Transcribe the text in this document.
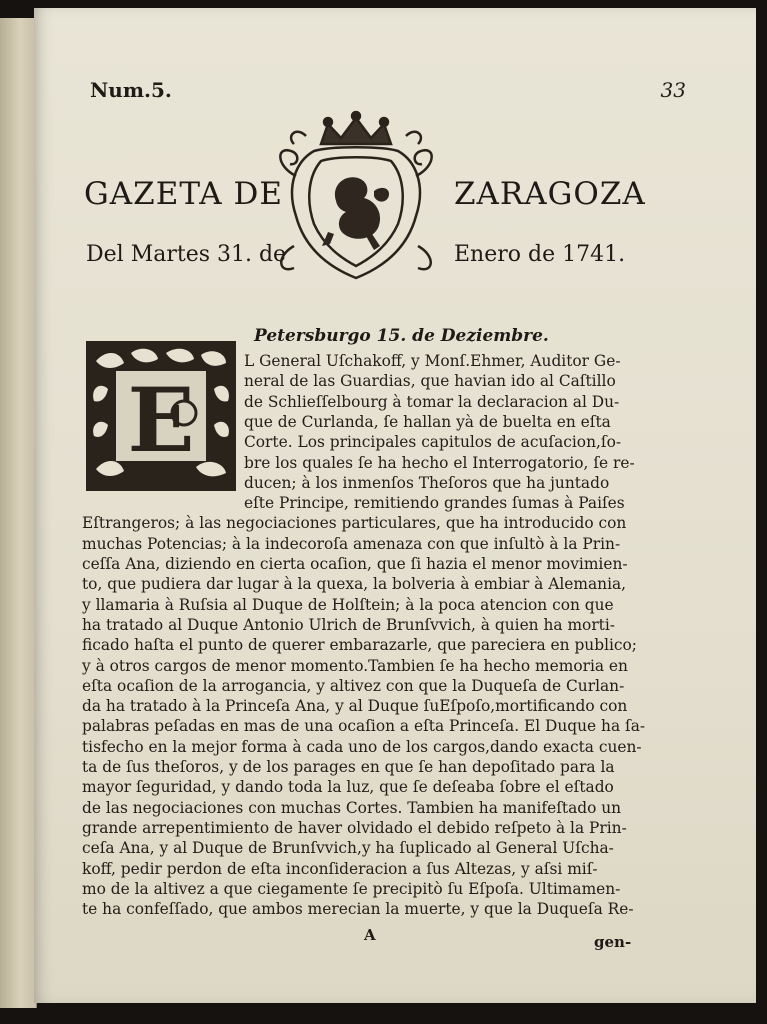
Num.5.	33
GAZETA DE	ZARAGOZA
Del Martes 31. de	Enero de 1741.
Petersburgo 15. de Deziembre.
E
L General Uſchakoff, y Monſ.Ehmer, Auditor Ge-
neral de las Guardias, que havian ido al Caſtillo
de Schlieſſelbourg à tomar la declaracion al Du-
que de Curlanda, ſe hallan yà de buelta en eſta
Corte. Los principales capitulos de acuſacion,ſo-
bre los quales ſe ha hecho el Interrogatorio, ſe re-
ducen; à los inmenſos Theſoros que ha juntado
eſte Principe, remitiendo grandes ſumas à Paiſes
Eſtrangeros; à las negociaciones particulares, que ha introducido con
muchas Potencias; à la indecoroſa amenaza con que inſultò à la Prin-
ceſſa Ana, diziendo en cierta ocaſion, que ſi hazia el menor movimien-
to, que pudiera dar lugar à la quexa, la bolveria à embiar à Alemania,
y llamaria à Ruſsia al Duque de Holſtein; à la poca atencion con que
ha tratado al Duque Antonio Ulrich de Brunſvvich, à quien ha morti-
ficado haſta el punto de querer embarazarle, que pareciera en publico;
y à otros cargos de menor momento.Tambien ſe ha hecho memoria en
eſta ocaſion de la arrogancia, y altivez con que la Duqueſa de Curlan-
da ha tratado à la Princeſa Ana, y al Duque ſuEſpoſo,mortificando con
palabras peſadas en mas de una ocaſion a eſta Princeſa. El Duque ha ſa-
tisfecho en la mejor forma à cada uno de los cargos,dando exacta cuen-
ta de ſus theſoros, y de los parages en que ſe han depoſitado para la
mayor ſeguridad, y dando toda la luz, que ſe deſeaba ſobre el eſtado
de las negociaciones con muchas Cortes. Tambien ha manifeſtado un
grande arrepentimiento de haver olvidado el debido reſpeto à la Prin-
ceſa Ana, y al Duque de Brunſvvich,y ha ſuplicado al General Uſcha-
koff, pedir perdon de eſta inconſideracion a ſus Altezas, y aſsi miſ-
mo de la altivez a que ciegamente ſe precipitò ſu Eſpoſa. Ultimamen-
te ha confeſſado, que ambos merecian la muerte, y que la Duqueſa Re-
A	gen-
